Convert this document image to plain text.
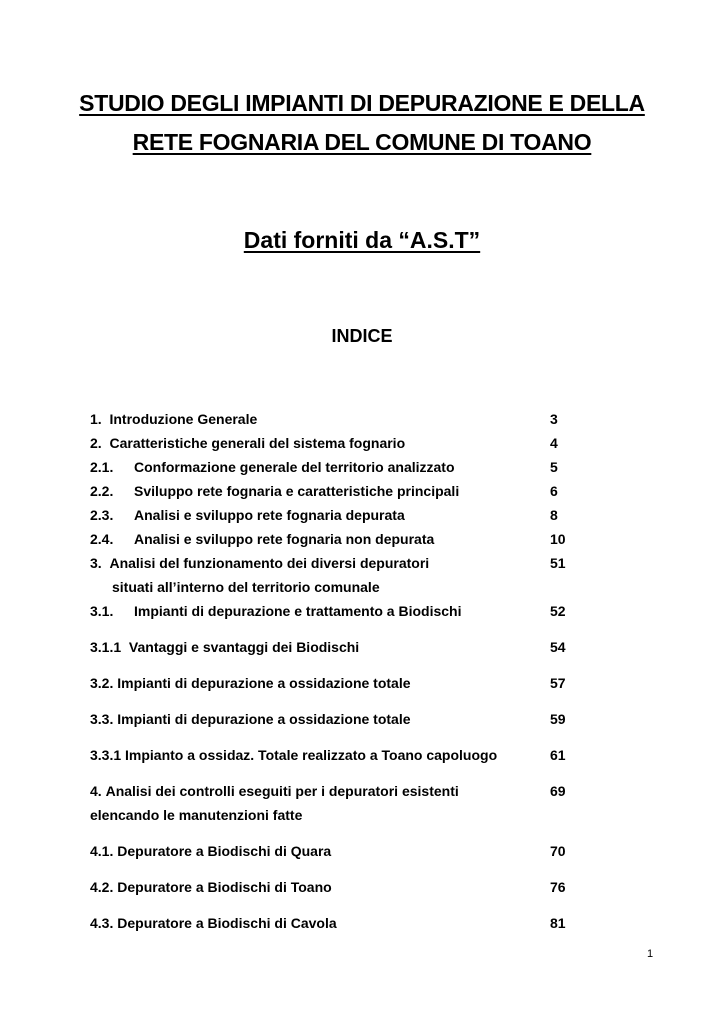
STUDIO DEGLI IMPIANTI DI DEPURAZIONE E DELLA
RETE FOGNARIA DEL COMUNE DI TOANO
Dati forniti da “A.S.T”
INDICE
1. Introduzione Generale	3
2. Caratteristiche generali del sistema fognario	4
2.1. Conformazione generale del territorio analizzato	5
2.2. Sviluppo rete fognaria e caratteristiche principali	6
2.3. Analisi e sviluppo rete fognaria depurata	8
2.4. Analisi e sviluppo rete fognaria non depurata	10
3. Analisi del funzionamento dei diversi depuratori	51
situati all’interno del territorio comunale
3.1. Impianti di depurazione e trattamento a Biodischi	52
3.1.1 Vantaggi e svantaggi dei Biodischi	54
3.2. Impianti di depurazione a ossidazione totale	57
3.3. Impianti di depurazione a ossidazione totale	59
3.3.1 Impianto a ossidaz. Totale realizzato a Toano capoluogo	61
4. Analisi dei controlli eseguiti per i depuratori esistenti	69
elencando le manutenzioni fatte
4.1. Depuratore a Biodischi di Quara	70
4.2. Depuratore a Biodischi di Toano	76
4.3. Depuratore a Biodischi di Cavola	81
1
